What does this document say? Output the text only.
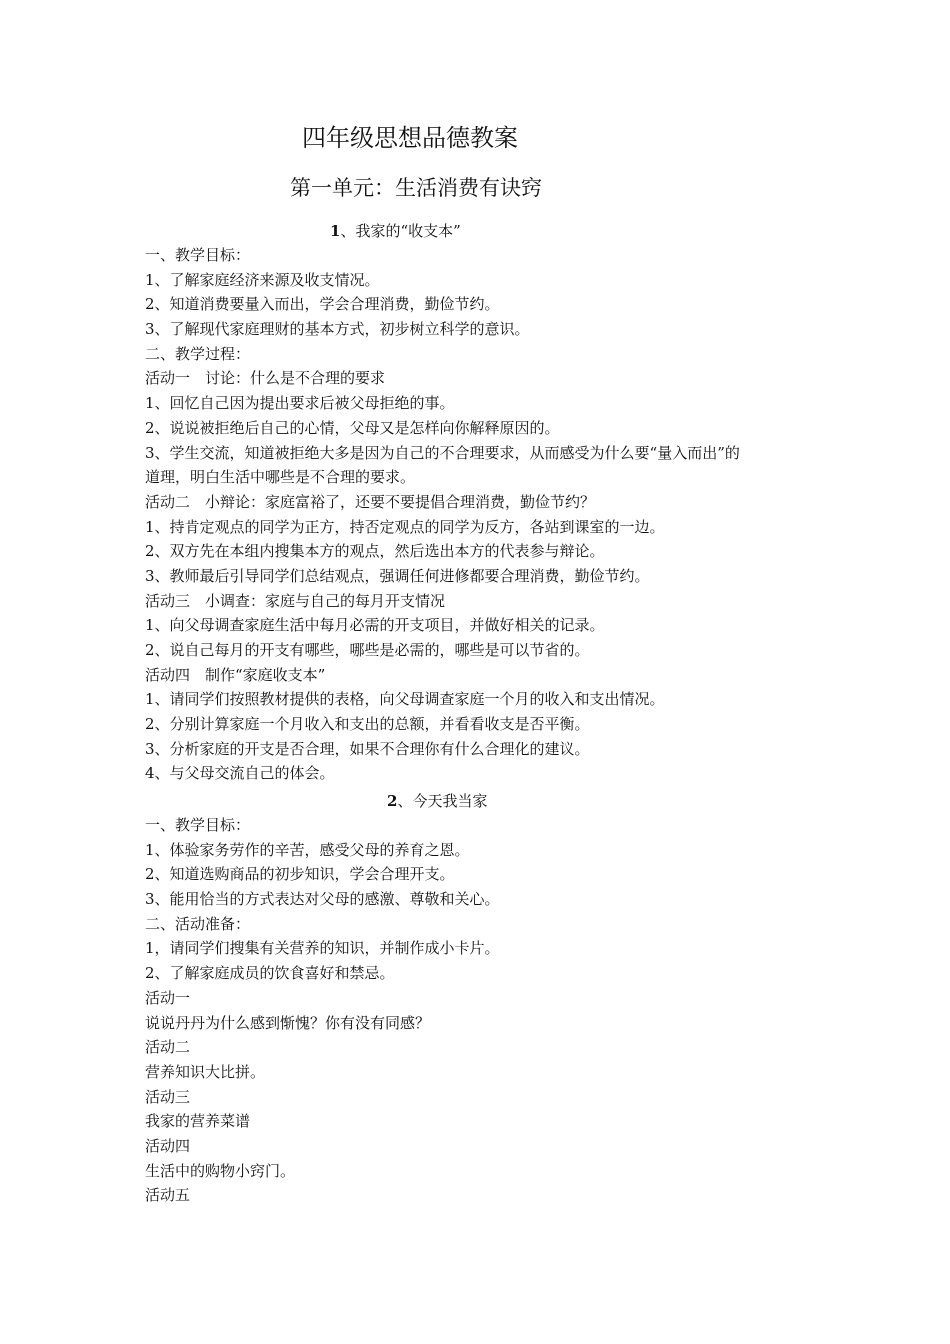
四年级思想品德教案
第一单元：生活消费有诀窍
1、我家的“收支本”
一、教学目标：
1、了解家庭经济来源及收支情况。
2、知道消费要量入而出，学会合理消费，勤俭节约。
3、了解现代家庭理财的基本方式，初步树立科学的意识。
二、教学过程：
活动一　讨论：什么是不合理的要求
1、回忆自己因为提出要求后被父母拒绝的事。
2、说说被拒绝后自己的心情，父母又是怎样向你解释原因的。
3、学生交流，知道被拒绝大多是因为自己的不合理要求，从而感受为什么要“量入而出”的
道理，明白生活中哪些是不合理的要求。
活动二　小辩论：家庭富裕了，还要不要提倡合理消费，勤俭节约？
1、持肯定观点的同学为正方，持否定观点的同学为反方，各站到课室的一边。
2、双方先在本组内搜集本方的观点，然后选出本方的代表参与辩论。
3、教师最后引导同学们总结观点，强调任何进修都要合理消费，勤俭节约。
活动三　小调查：家庭与自己的每月开支情况
1、向父母调查家庭生活中每月必需的开支项目，并做好相关的记录。
2、说自己每月的开支有哪些，哪些是必需的，哪些是可以节省的。
活动四　制作“家庭收支本”
1、请同学们按照教材提供的表格，向父母调查家庭一个月的收入和支出情况。
2、分别计算家庭一个月收入和支出的总额，并看看收支是否平衡。
3、分析家庭的开支是否合理，如果不合理你有什么合理化的建议。
4、与父母交流自己的体会。
2、今天我当家
一、教学目标：
1、体验家务劳作的辛苦，感受父母的养育之恩。
2、知道选购商品的初步知识，学会合理开支。
3、能用恰当的方式表达对父母的感激、尊敬和关心。
二、活动准备：
1，请同学们搜集有关营养的知识，并制作成小卡片。
2、了解家庭成员的饮食喜好和禁忌。
活动一
说说丹丹为什么感到惭愧？你有没有同感？
活动二
营养知识大比拼。
活动三
我家的营养菜谱
活动四
生活中的购物小窍门。
活动五
